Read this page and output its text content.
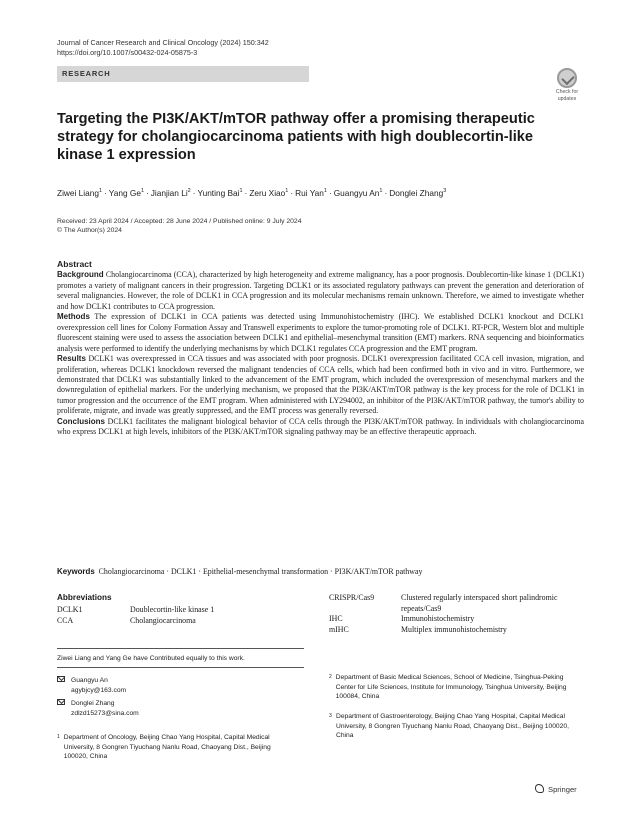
Journal of Cancer Research and Clinical Oncology (2024) 150:342
https://doi.org/10.1007/s00432-024-05875-3
RESEARCH
Check for
updates
Targeting the PI3K/AKT/mTOR pathway offer a promising therapeutic strategy for cholangiocarcinoma patients with high doublecortin-like kinase 1 expression
Ziwei Liang$^1$ · Yang $Ge^1$ · Jianjian $Li^2$ · Yunting Bai$^1$ · Zeru Xiao$^1$ · Rui Yan$^1$ · Guangyu $An^1$ · Donglei Zhang$^3$
Received: 23 April 2024 / Accepted: 28 June 2024 / Published online: 9 July 2024
© The Author(s) 2024
Abstract

Background Cholangiocarcinoma (CCA), characterized by high heterogeneity and extreme malignancy, has a poor prognosis. Doublecortin-like kinase 1 (DCLK1) promotes a variety of malignant cancers in their progression. Targeting DCLK1 or its associated regulatory pathways can prevent the generation and deterioration of several malignancies. However, the role of DCLK1 in CCA progression and its molecular mechanisms remain unknown. Therefore, we aimed to investigate whether and how DCLK1 contributes to CCA progression.

Methods The expression of DCLK1 in CCA patients was detected using Immunohistochemistry (IHC). We established DCLK1 knockout and DCLK1 overexpression cell lines for Colony Formation Assay and Transwell experiments to explore the tumor-promoting role of DCLK1. RT-PCR, Western blot and multiple fluorescent staining were used to assess the association between DCLK1 and epithelial–mesenchymal transition (EMT) markers. RNA sequencing and bioinformatics analysis were performed to identify the underlying mechanisms by which DCLK1 regulates CCA progression and the EMT program.

Results DCLK1 was overexpressed in CCA tissues and was associated with poor prognosis. DCLK1 overexpression facilitated CCA cell invasion, migration, and proliferation, whereas DCLK1 knockdown reversed the malignant tendencies of CCA cells, which had been confirmed both in vivo and in vitro. Furthermore, we demonstrated that DCLK1 was substantially linked to the advancement of the EMT program, which included the overexpression of mesenchymal markers and the downregulation of epithelial markers. For the underlying mechanism, we proposed that the PI3K/AKT/mTOR pathway is the key process for the role of DCLK1 in tumor progression and the occurrence of the EMT program. When administered with LY294002, an inhibitor of the PI3K/AKT/mTOR pathway, the tumor's ability to proliferate, migrate, and invade was greatly suppressed, and the EMT process was generally reversed.

Conclusions DCLK1 facilitates the malignant biological behavior of CCA cells through the PI3K/AKT/mTOR pathway. In individuals with cholangiocarcinoma who express DCLK1 at high levels, inhibitors of the PI3K/AKT/mTOR signaling pathway may be an effective therapeutic approach.

Keywords Cholangiocarcinoma · DCLK1 · Epithelial-mesenchymal transformation · PI3K/AKT/mTOR pathway
Abbreviations
DCLK1	Doublecortin-like kinase 1
CCA	Cholangiocarcinoma
CRISPR/Cas9	Clustered regularly interspaced short palindromic repeats/Cas9
IHC	Immunohistochemistry
mIHC	Multiplex immunohistochemistry
Ziwei Liang and Yang Ge have Contributed equally to this work.
Guangyu An
agybjcy@163.com
Donglei Zhang
zdlzd15273@sina.com
1 Department of Oncology, Beijing Chao Yang Hospital, Capital Medical University, 8 Gongren Tiyuchang Nanlu Road, Chaoyang Dist., Beijing 100020, China
2 Department of Basic Medical Sciences, School of Medicine, Tsinghua-Peking Center for Life Sciences, Institute for Immunology, Tsinghua University, Beijing 100084, China
3 Department of Gastroenterology, Beijing Chao Yang Hospital, Capital Medical University, 8 Gongren Tiyuchang Nanlu Road, Chaoyang Dist., Beijing 100020, China
Springer
